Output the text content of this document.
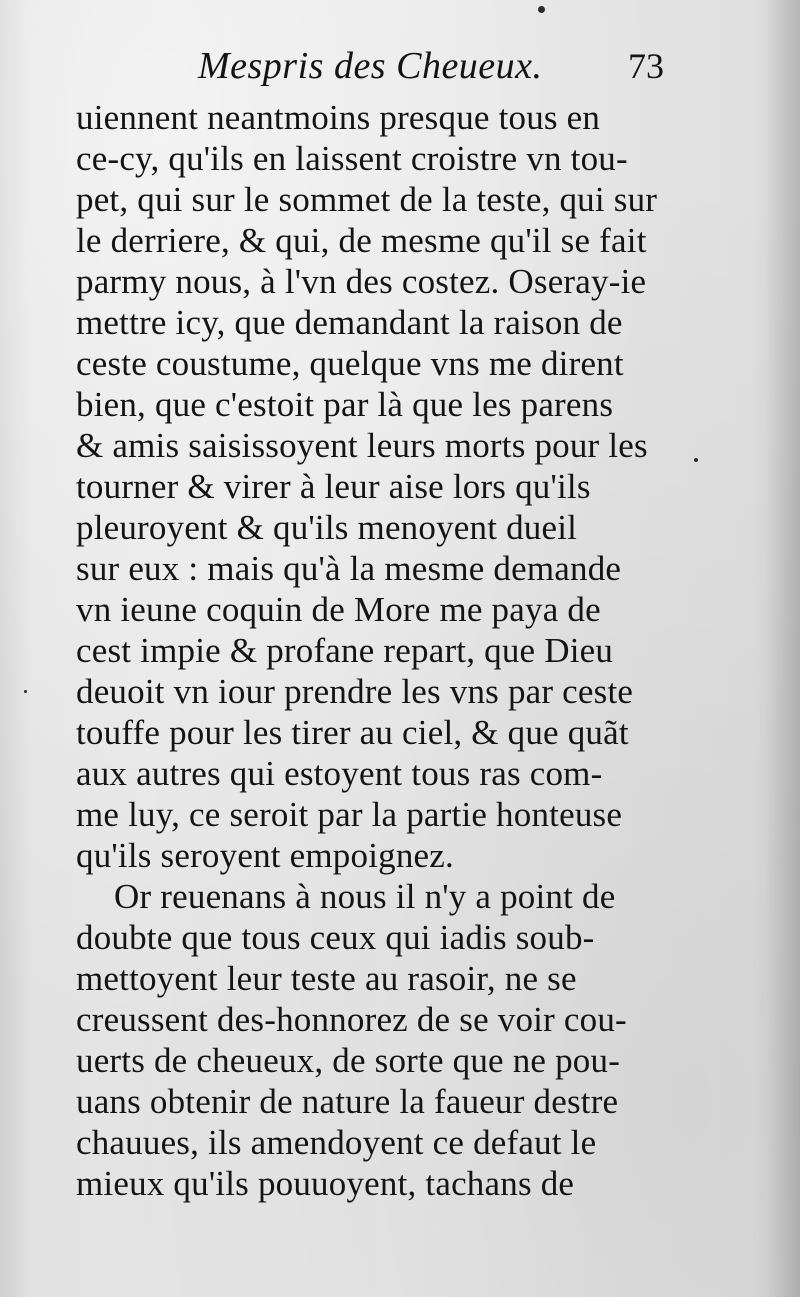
Mespris des Cheueux. 73
uiennent neantmoins presque tous en
ce-cy, qu'ils en laissent croistre vn tou-
pet, qui sur le sommet de la teste, qui sur
le derriere, & qui, de mesme qu'il se fait
parmy nous, à l'vn des costez. Oseray-ie
mettre icy, que demandant la raison de
ceste coustume, quelque vns me dirent
bien, que c'estoit par là que les parens
& amis saisissoyent leurs morts pour les
tourner & virer à leur aise lors qu'ils
pleuroyent & qu'ils menoyent dueil
sur eux : mais qu'à la mesme demande
vn ieune coquin de More me paya de
cest impie & profane repart, que Dieu
deuoit vn iour prendre les vns par ceste
touffe pour les tirer au ciel, & que quãt
aux autres qui estoyent tous ras com-
me luy, ce seroit par la partie honteuse
qu'ils seroyent empoignez.
Or reuenans à nous il n'y a point de
doubte que tous ceux qui iadis soub-
mettoyent leur teste au rasoir, ne se
creussent des-honnorez de se voir cou-
uerts de cheueux, de sorte que ne pou-
uans obtenir de nature la faueur destre
chauues, ils amendoyent ce defaut le
mieux qu'ils pouuoyent, tachans de
